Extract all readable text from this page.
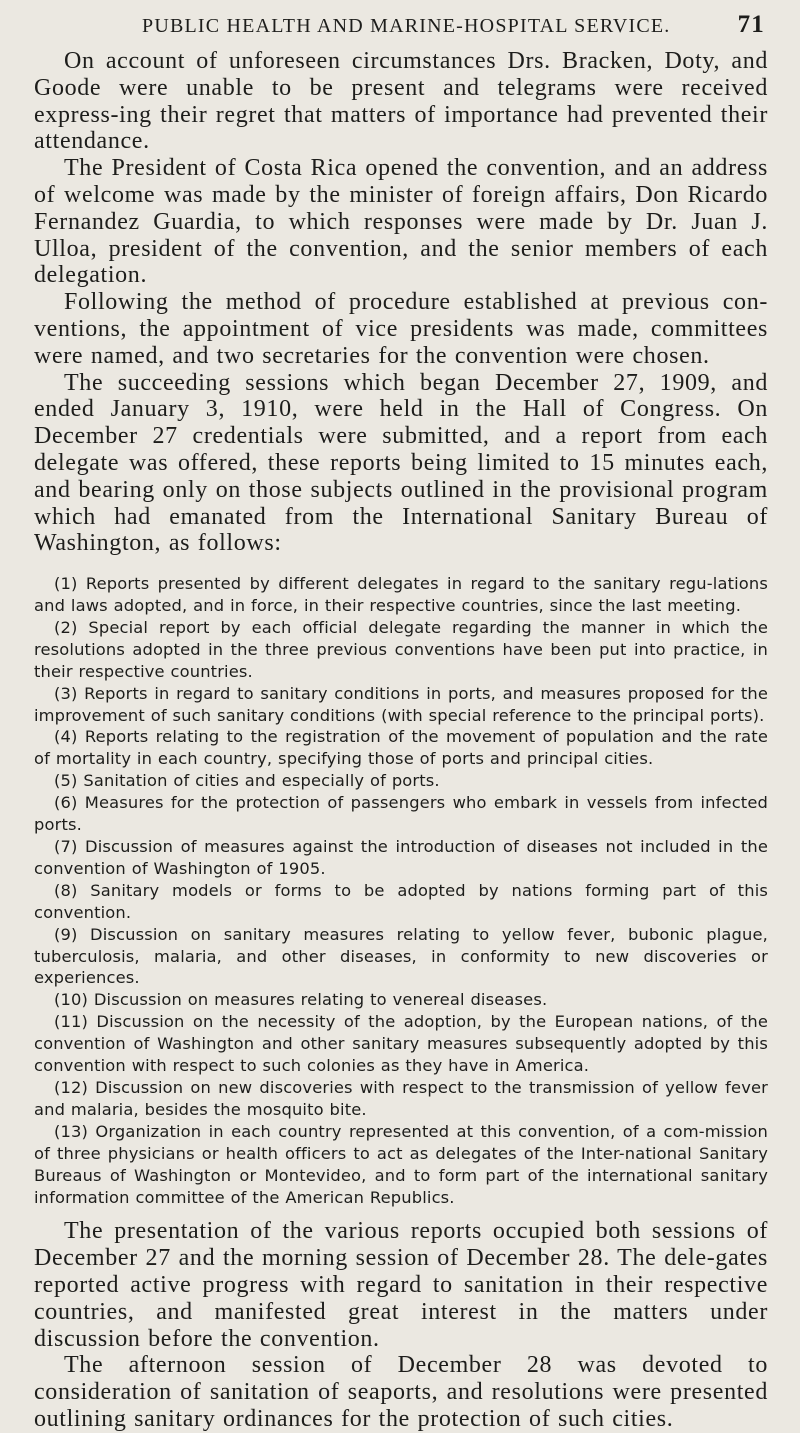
PUBLIC HEALTH AND MARINE-HOSPITAL SERVICE.	71

On account of unforeseen circumstances Drs. Bracken, Doty, and Goode were unable to be present and telegrams were received express-ing their regret that matters of importance had prevented their attendance.

The President of Costa Rica opened the convention, and an address of welcome was made by the minister of foreign affairs, Don Ricardo Fernandez Guardia, to which responses were made by Dr. Juan J. Ulloa, president of the convention, and the senior members of each delegation.

Following the method of procedure established at previous con-ventions, the appointment of vice presidents was made, committees were named, and two secretaries for the convention were chosen.

The succeeding sessions which began December 27, 1909, and ended January 3, 1910, were held in the Hall of Congress. On December 27 credentials were submitted, and a report from each delegate was offered, these reports being limited to 15 minutes each, and bearing only on those subjects outlined in the provisional program which had emanated from the International Sanitary Bureau of Washington, as follows:

(1) Reports presented by different delegates in regard to the sanitary regu-lations and laws adopted, and in force, in their respective countries, since the last meeting.

(2) Special report by each official delegate regarding the manner in which the resolutions adopted in the three previous conventions have been put into practice, in their respective countries.

(3) Reports in regard to sanitary conditions in ports, and measures proposed for the improvement of such sanitary conditions (with special reference to the principal ports).

(4) Reports relating to the registration of the movement of population and the rate of mortality in each country, specifying those of ports and principal cities.

(5) Sanitation of cities and especially of ports.

(6) Measures for the protection of passengers who embark in vessels from infected ports.

(7) Discussion of measures against the introduction of diseases not included in the convention of Washington of 1905.

(8) Sanitary models or forms to be adopted by nations forming part of this convention.

(9) Discussion on sanitary measures relating to yellow fever, bubonic plague, tuberculosis, malaria, and other diseases, in conformity to new discoveries or experiences.

(10) Discussion on measures relating to venereal diseases.

(11) Discussion on the necessity of the adoption, by the European nations, of the convention of Washington and other sanitary measures subsequently adopted by this convention with respect to such colonies as they have in America.

(12) Discussion on new discoveries with respect to the transmission of yellow fever and malaria, besides the mosquito bite.

(13) Organization in each country represented at this convention, of a com-mission of three physicians or health officers to act as delegates of the Inter-national Sanitary Bureaus of Washington or Montevideo, and to form part of the international sanitary information committee of the American Republics.

The presentation of the various reports occupied both sessions of December 27 and the morning session of December 28. The dele-gates reported active progress with regard to sanitation in their respective countries, and manifested great interest in the matters under discussion before the convention.

The afternoon session of December 28 was devoted to consideration of sanitation of seaports, and resolutions were presented outlining sanitary ordinances for the protection of such cities.
